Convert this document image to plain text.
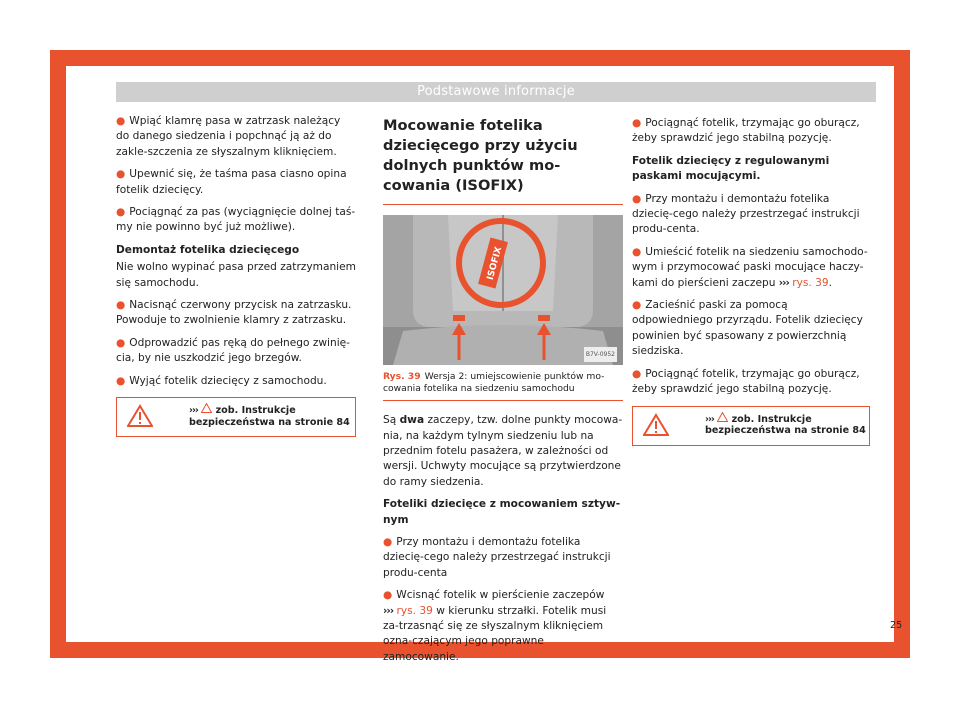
Podstawowe informacje

● Wpiąć klamrę pasa w zatrzask należący do danego siedzenia i popchnąć ją aż do zakle-szczenia ze słyszalnym kliknięciem.

● Upewnić się, że taśma pasa ciasno opina fotelik dziecięcy.

● Pociągnąć za pas (wyciągnięcie dolnej taś-my nie powinno być już możliwe).

Demontaż fotelika dziecięcego

Nie wolno wypinać pasa przed zatrzymaniem się samochodu.

● Nacisnąć czerwony przycisk na zatrzasku. Powoduje to zwolnienie klamry z zatrzasku.

● Odprowadzić pas ręką do pełnego zwinię-cia, by nie uszkodzić jego brzegów.

● Wyjąć fotelik dziecięcy z samochodu.

››› zob. Instrukcje bezpieczeństwa na stronie 84
Mocowanie fotelika dziecięcego przy użyciu dolnych punktów mo-cowania (ISOFIX)
ISOFIX
B7V-0952
Rys. 39 Wersja 2: umiejscowienie punktów mo-cowania fotelika na siedzeniu samochodu

Są dwa zaczepy, tzw. dolne punkty mocowa-nia, na każdym tylnym siedzeniu lub na przednim fotelu pasażera, w zależności od wersji. Uchwyty mocujące są przytwierdzone do ramy siedzenia.

Foteliki dziecięce z mocowaniem sztyw-nym

● Przy montażu i demontażu fotelika dziecię-cego należy przestrzegać instrukcji produ-centa

● Wcisnąć fotelik w pierścienie zaczepów
››› rys. 39 w kierunku strzałki. Fotelik musi za-trzasnąć się ze słyszalnym kliknięciem ozna-czającym jego poprawne zamocowanie.

● Pociągnąć fotelik, trzymając go oburącz, żeby sprawdzić jego stabilną pozycję.

Fotelik dziecięcy z regulowanymi paskami mocującymi.

● Przy montażu i demontażu fotelika dziecię-cego należy przestrzegać instrukcji produ-centa.

● Umieścić fotelik na siedzeniu samochodo-wym i przymocować paski mocujące haczy-kami do pierścieni zaczepu ››› rys. 39.

● Zacieśnić paski za pomocą odpowiedniego przyrządu. Fotelik dziecięcy powinien być spasowany z powierzchnią siedziska.

● Pociągnąć fotelik, trzymając go oburącz, żeby sprawdzić jego stabilną pozycję.

››› zob. Instrukcje bezpieczeństwa na stronie 84
25
